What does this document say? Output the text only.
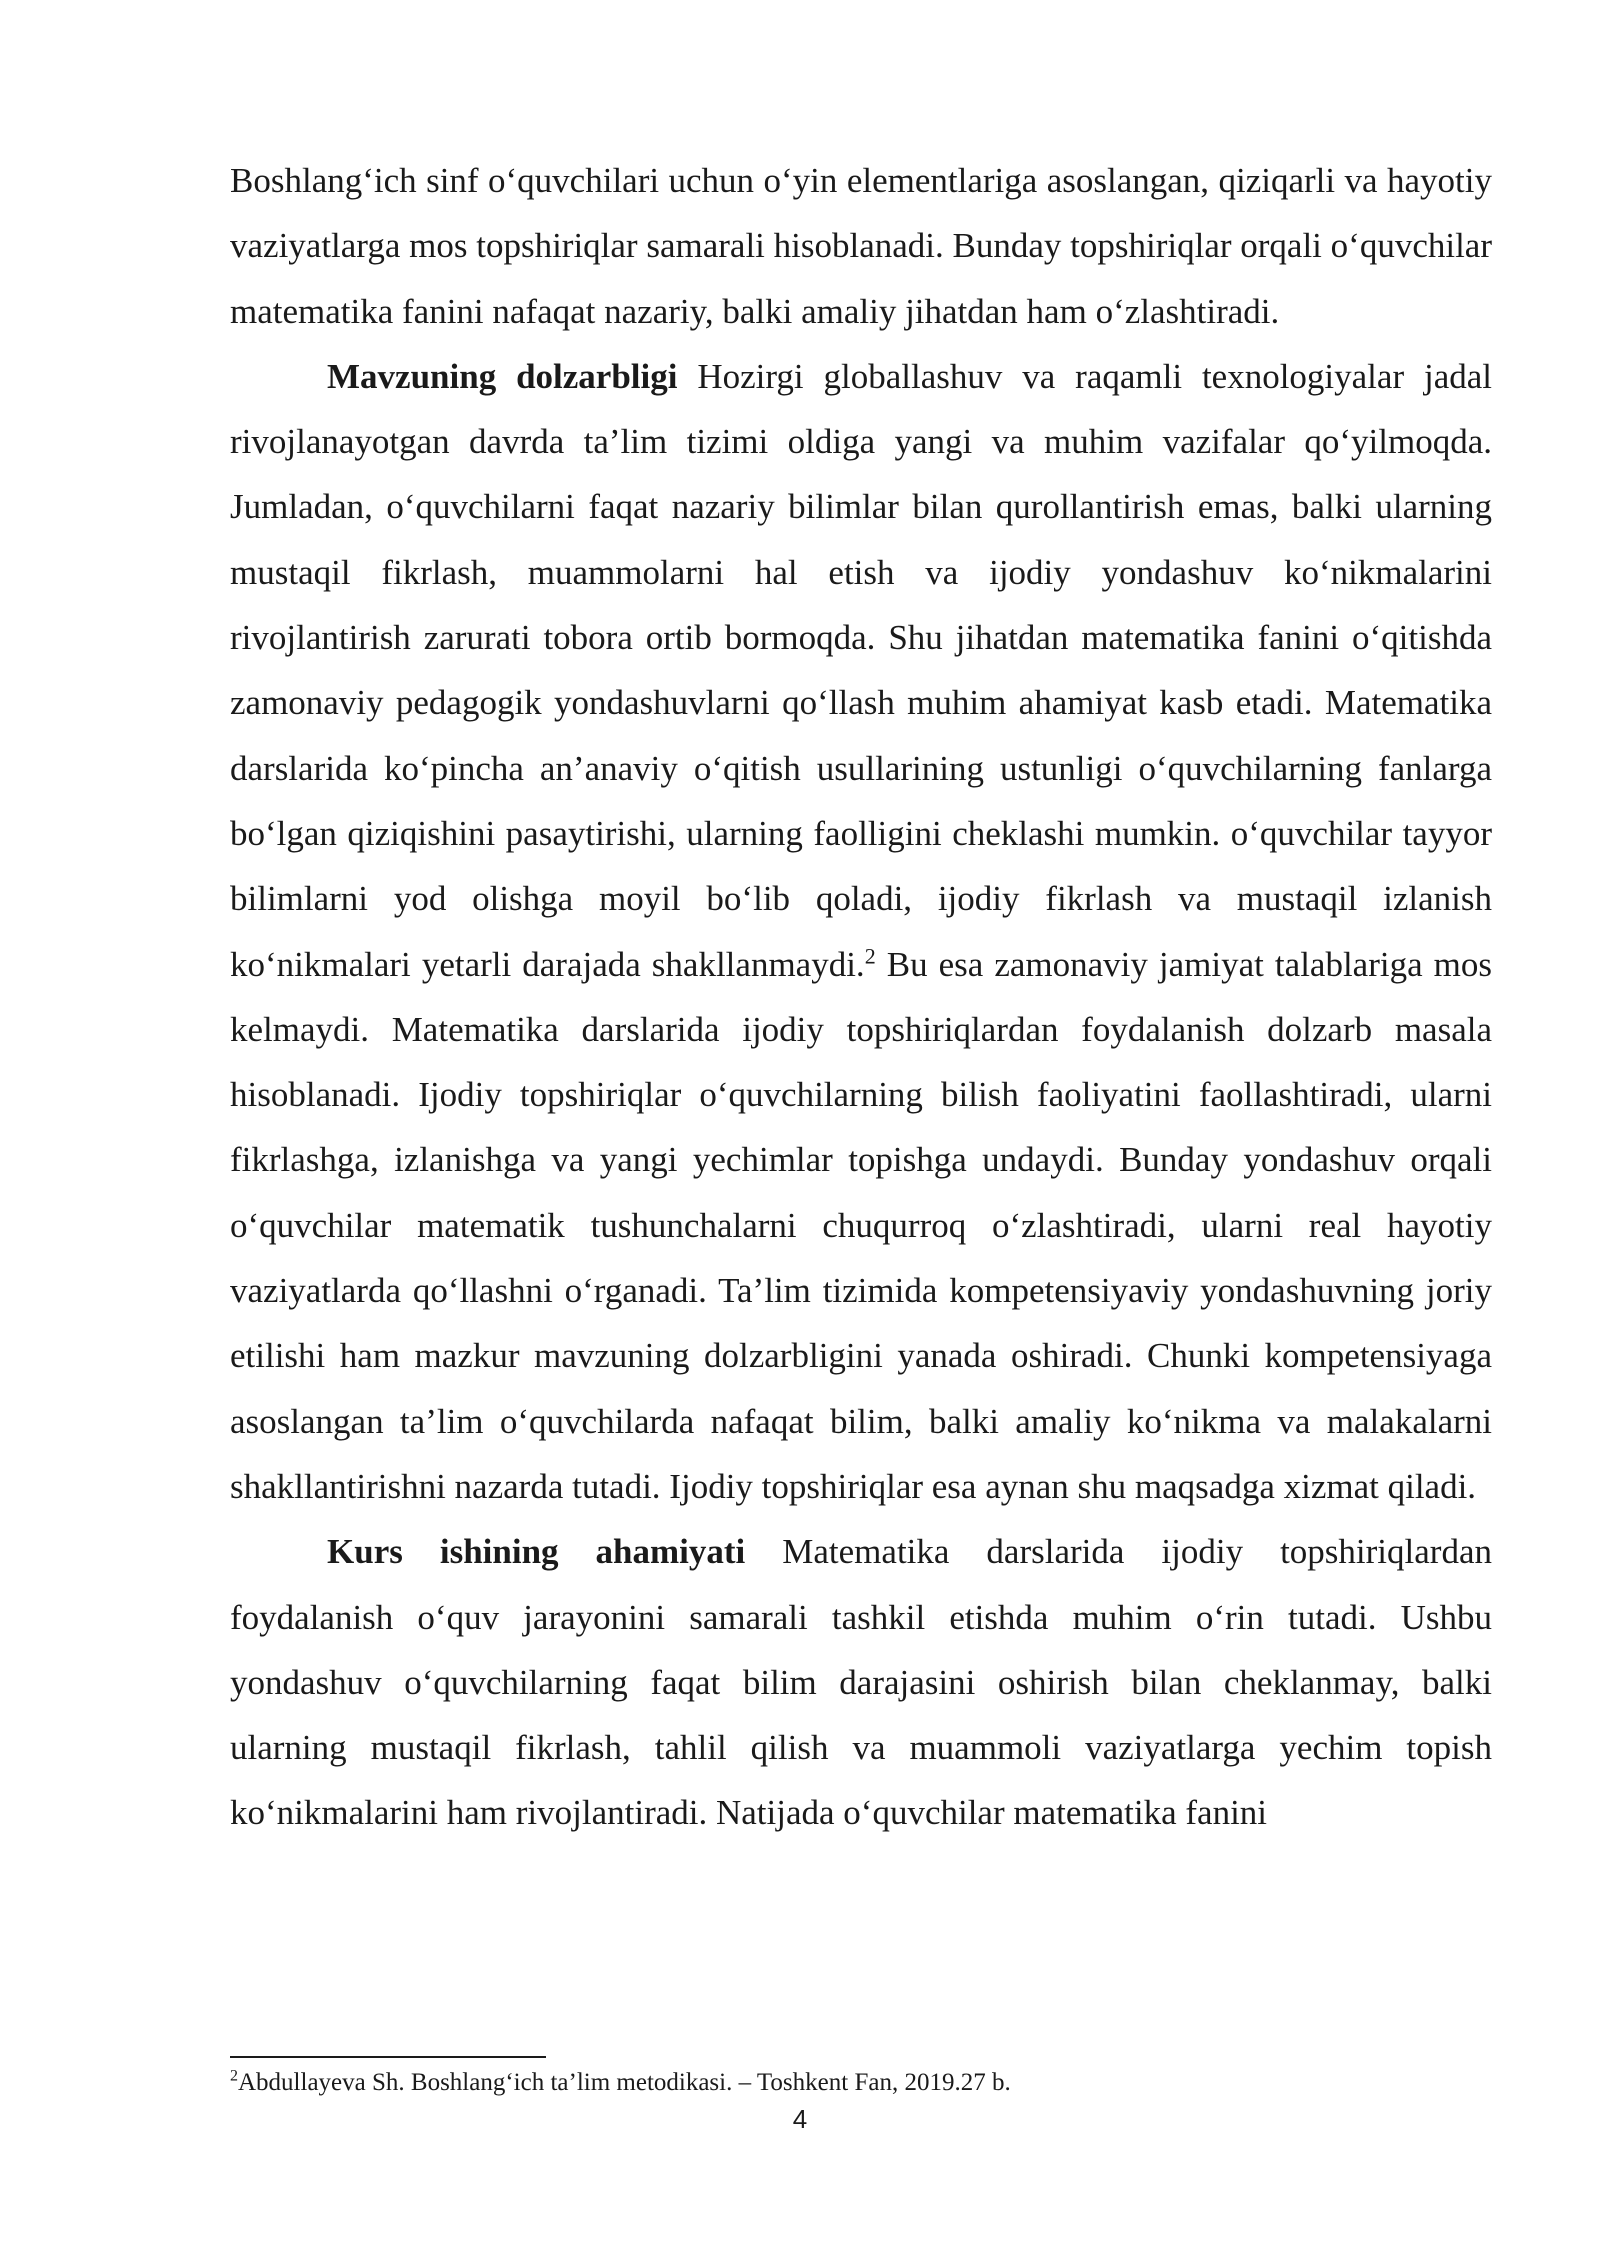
Boshlang‘ich sinf o‘quvchilari uchun o‘yin elementlariga asoslangan, qiziqarli va hayotiy vaziyatlarga mos topshiriqlar samarali hisoblanadi. Bunday topshiriqlar orqali o‘quvchilar matematika fanini nafaqat nazariy, balki amaliy jihatdan ham o‘zlashtiradi.

Mavzuning dolzarbligi Hozirgi globallashuv va raqamli texnologiyalar jadal rivojlanayotgan davrda ta’lim tizimi oldiga yangi va muhim vazifalar qo‘yilmoqda. Jumladan, o‘quvchilarni faqat nazariy bilimlar bilan qurollantirish emas, balki ularning mustaqil fikrlash, muammolarni hal etish va ijodiy yondashuv ko‘nikmalarini rivojlantirish zarurati tobora ortib bormoqda. Shu jihatdan matematika fanini o‘qitishda zamonaviy pedagogik yondashuvlarni qo‘llash muhim ahamiyat kasb etadi. Matematika darslarida ko‘pincha an’anaviy o‘qitish usullarining ustunligi o‘quvchilarning fanlarga bo‘lgan qiziqishini pasaytirishi, ularning faolligini cheklashi mumkin. o‘quvchilar tayyor bilimlarni yod olishga moyil bo‘lib qoladi, ijodiy fikrlash va mustaqil izlanish ko‘nikmalari yetarli darajada shakllanmaydi.$^2$ Bu esa zamonaviy jamiyat talablariga mos kelmaydi. Matematika darslarida ijodiy topshiriqlardan foydalanish dolzarb masala hisoblanadi. Ijodiy topshiriqlar o‘quvchilarning bilish faoliyatini faollashtiradi, ularni fikrlashga, izlanishga va yangi yechimlar topishga undaydi. Bunday yondashuv orqali o‘quvchilar matematik tushunchalarni chuqurroq o‘zlashtiradi, ularni real hayotiy vaziyatlarda qo‘llashni o‘rganadi. Ta’lim tizimida kompetensiyaviy yondashuvning joriy etilishi ham mazkur mavzuning dolzarbligini yanada oshiradi. Chunki kompetensiyaga asoslangan ta’lim o‘quvchilarda nafaqat bilim, balki amaliy ko‘nikma va malakalarni shakllantirishni nazarda tutadi. Ijodiy topshiriqlar esa aynan shu maqsadga xizmat qiladi.

Kurs ishining ahamiyati Matematika darslarida ijodiy topshiriqlardan foydalanish o‘quv jarayonini samarali tashkil etishda muhim o‘rin tutadi. Ushbu yondashuv o‘quvchilarning faqat bilim darajasini oshirish bilan cheklanmay, balki ularning mustaqil fikrlash, tahlil qilish va muammoli vaziyatlarga yechim topish ko‘nikmalarini ham rivojlantiradi. Natijada o‘quvchilar matematika fanini

$^2$Abdullayeva Sh. Boshlang‘ich ta’lim metodikasi. – Toshkent Fan, 2019.27 b.

4
